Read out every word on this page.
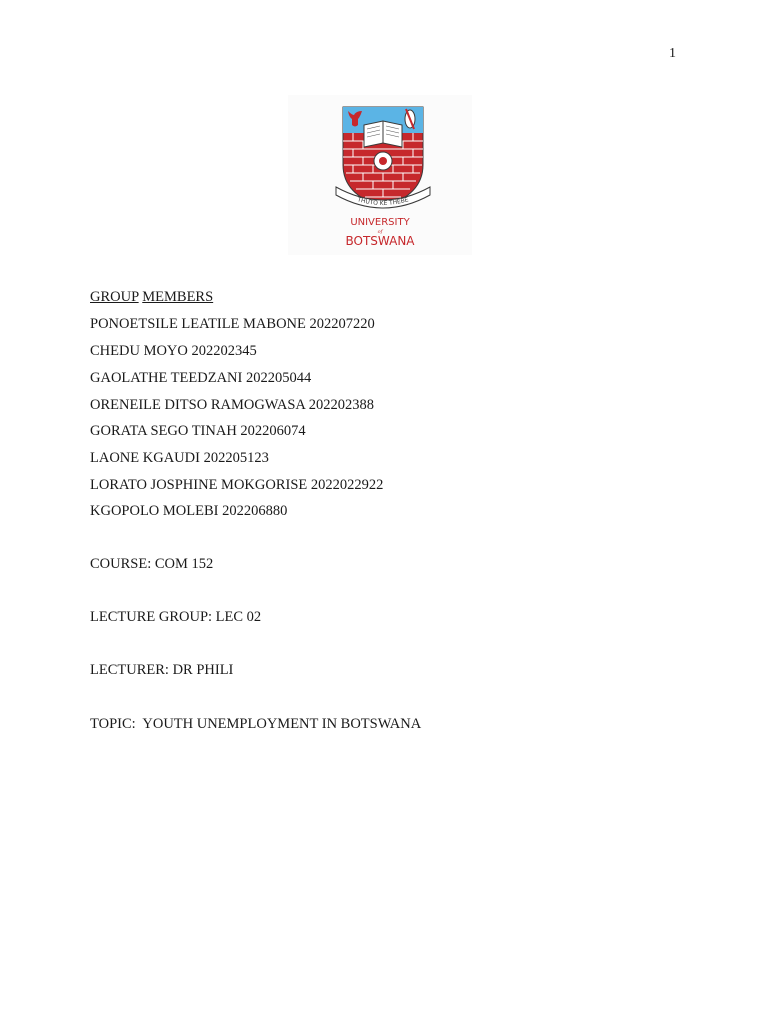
1
THUTO KE THEBE
UNIVERSITY
of
BOTSWANA
GROUP MEMBERS
PONOETSILE LEATILE MABONE 202207220
CHEDU MOYO 202202345
GAOLATHE TEEDZANI 202205044
ORENEILE DITSO RAMOGWASA 202202388
GORATA SEGO TINAH 202206074
LAONE KGAUDI 202205123
LORATO JOSPHINE MOKGORISE 2022022922
KGOPOLO MOLEBI 202206880
COURSE: COM 152
LECTURE GROUP: LEC 02
LECTURER: DR PHILI
TOPIC:  YOUTH UNEMPLOYMENT IN BOTSWANA
